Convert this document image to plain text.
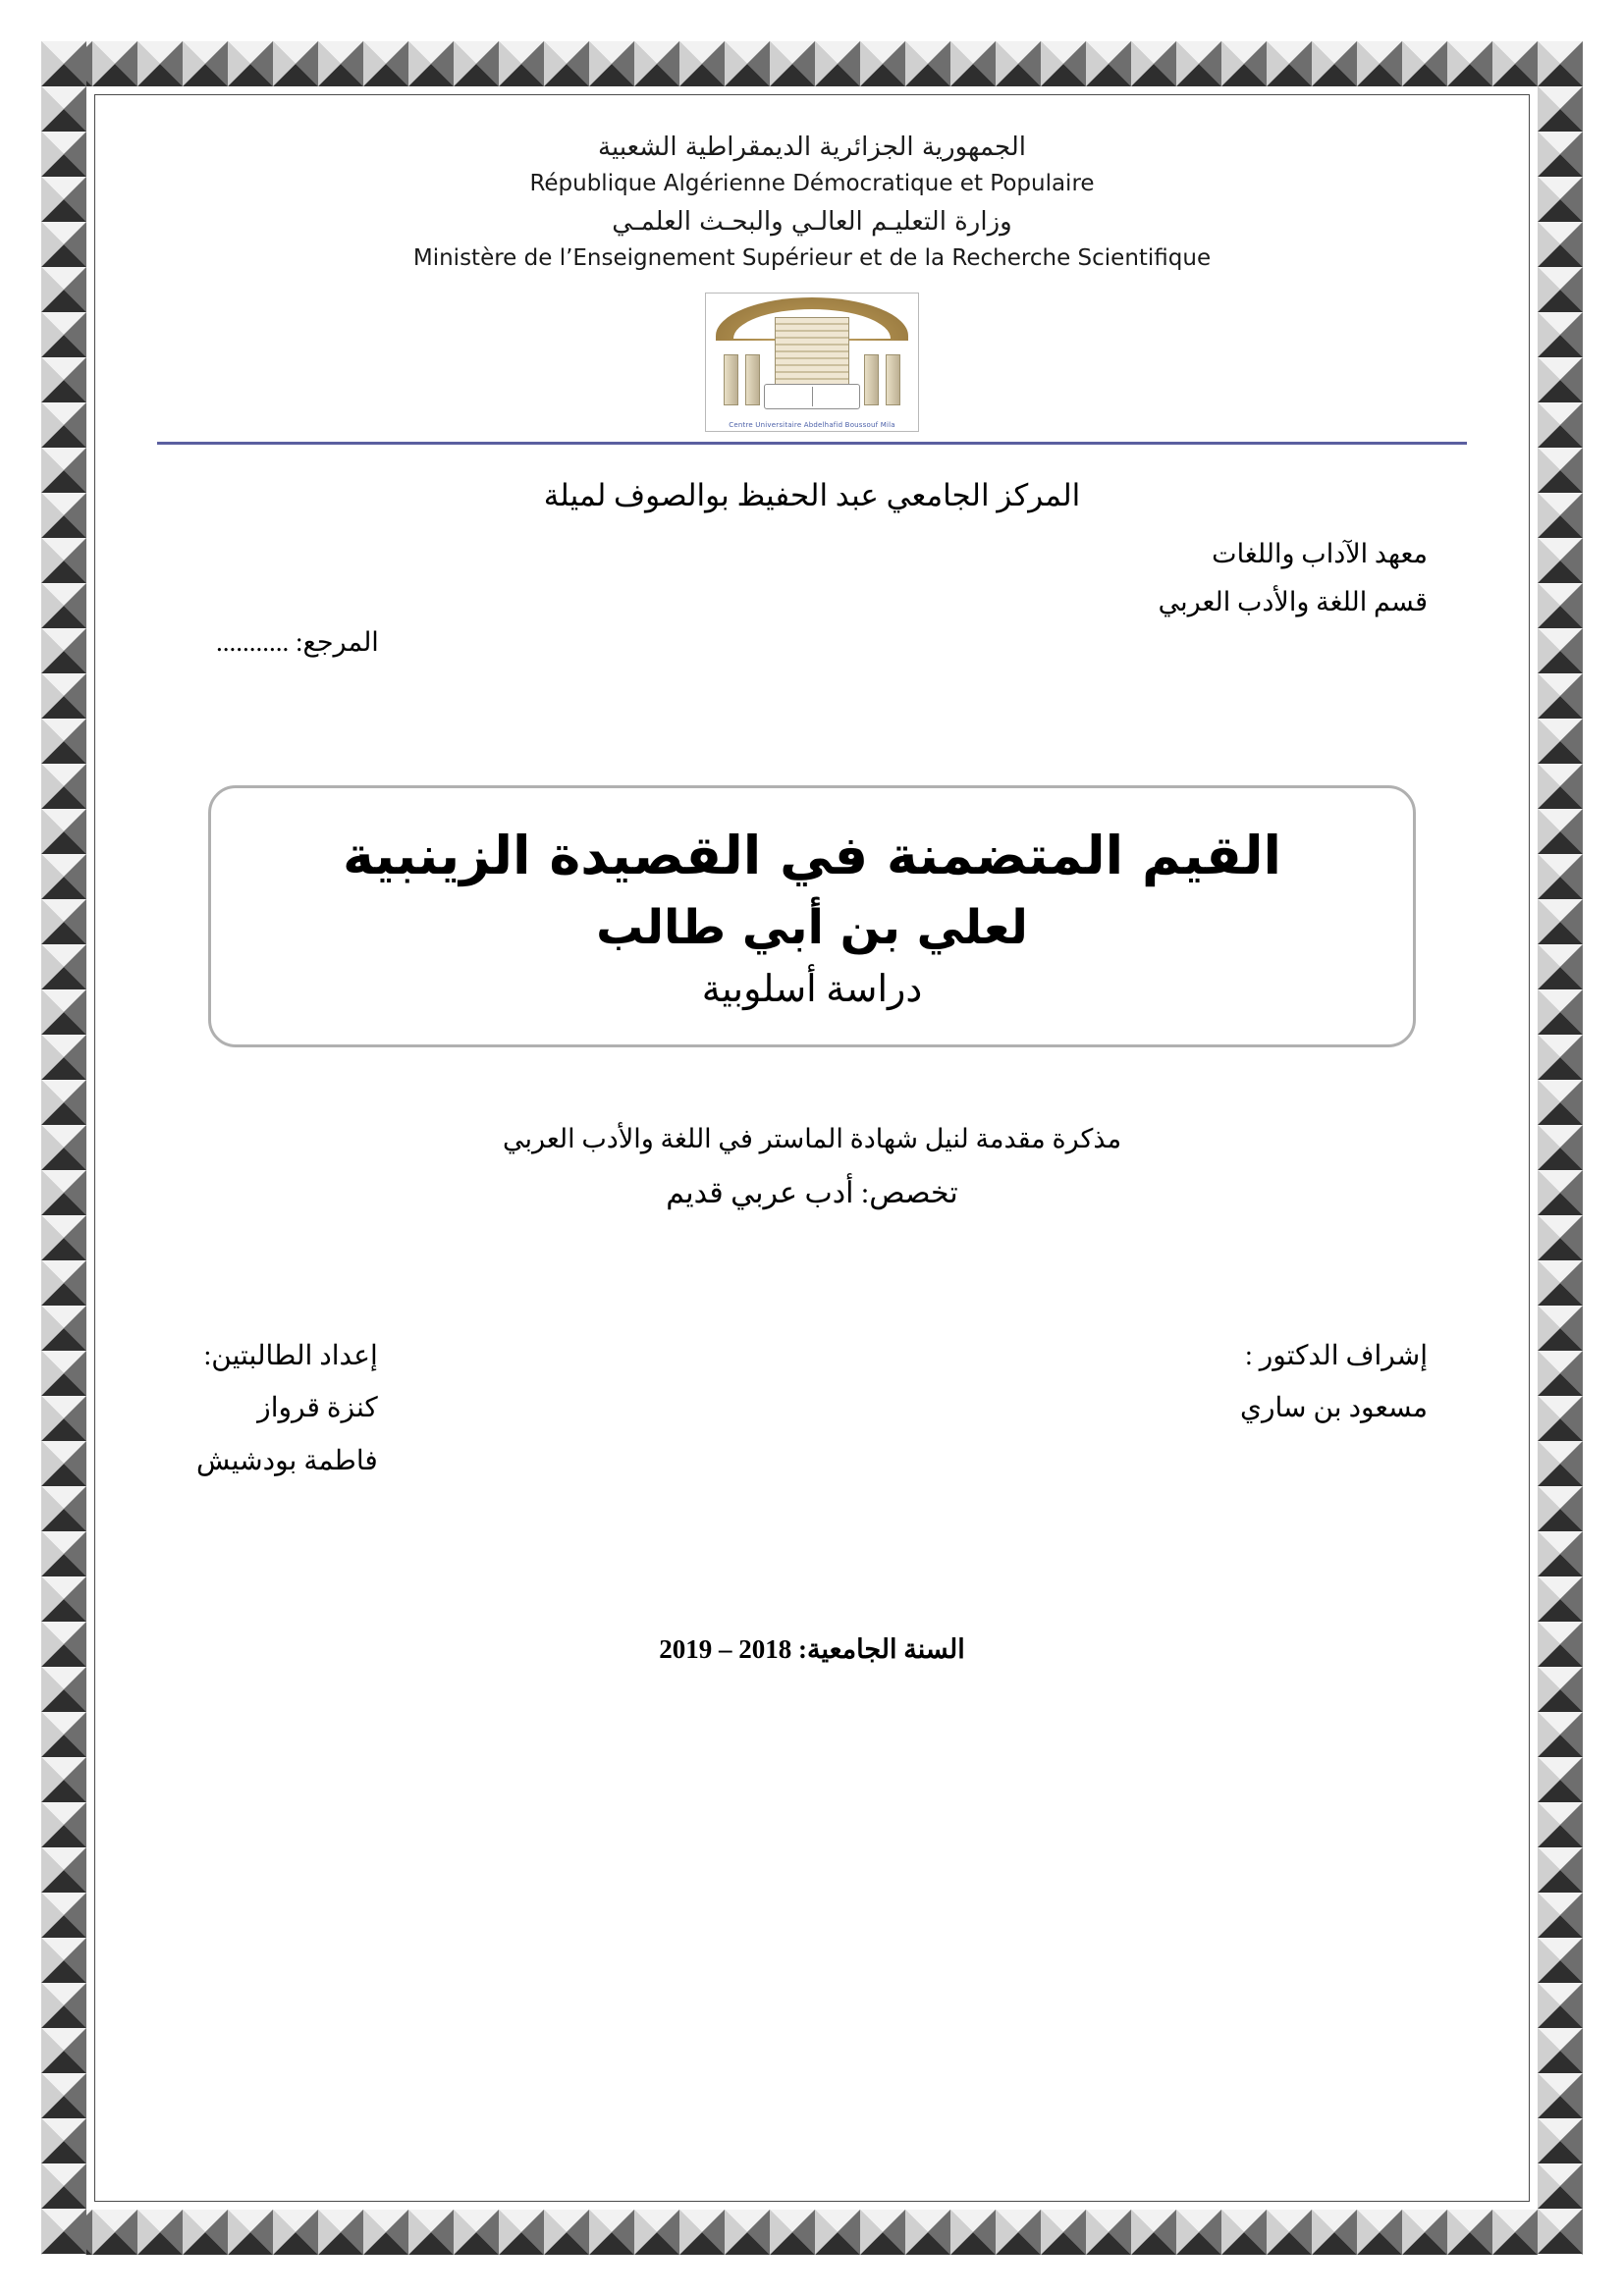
الجمهورية الجزائرية الديمقراطية الشعبية
République Algérienne Démocratique et Populaire
وزارة التعليـم العالـي والبحـث العلمـي
Ministère de l’Enseignement Supérieur et de la Recherche Scientifique
Centre Universitaire Abdelhafid Boussouf Mila
المركز الجامعي عبد الحفيظ بوالصوف لميلة
معهد الآداب واللغات
قسم اللغة والأدب العربي
المرجع: ...........
القيم المتضمنة في القصيدة الزينبية
لعلي بن أبي طالب
دراسة أسلوبية
مذكرة مقدمة لنيل شهادة الماستر في اللغة والأدب العربي
تخصص: أدب عربي قديم
إشراف الدكتور :
مسعود بن ساري
إعداد الطالبتين:
كنزة قرواز
فاطمة بودشيش
السنة الجامعية: 2018 – 2019
